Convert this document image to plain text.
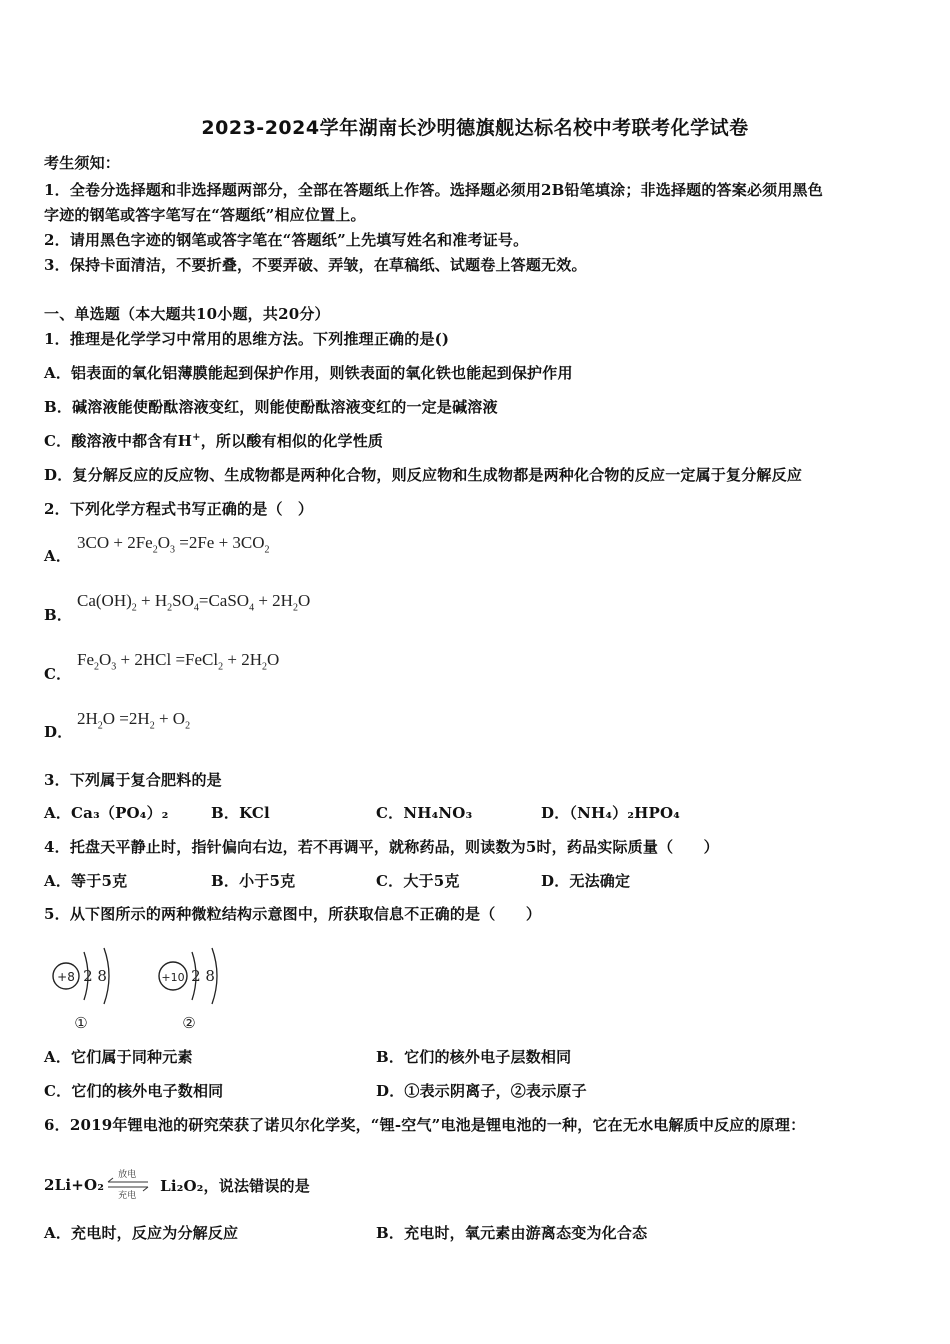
2023-2024学年湖南长沙明德旗舰达标名校中考联考化学试卷
考生须知：
1．全卷分选择题和非选择题两部分，全部在答题纸上作答。选择题必须用2B铅笔填涂；非选择题的答案必须用黑色
字迹的钢笔或答字笔写在“答题纸”相应位置上。
2．请用黑色字迹的钢笔或答字笔在“答题纸”上先填写姓名和准考证号。
3．保持卡面清洁，不要折叠，不要弄破、弄皱，在草稿纸、试题卷上答题无效。
一、单选题（本大题共10小题，共20分）
1．推理是化学学习中常用的思维方法。下列推理正确的是()
A．铝表面的氧化铝薄膜能起到保护作用，则铁表面的氧化铁也能起到保护作用
B．碱溶液能使酚酞溶液变红，则能使酚酞溶液变红的一定是碱溶液
C．酸溶液中都含有H+，所以酸有相似的化学性质
D．复分解反应的反应物、生成物都是两种化合物，则反应物和生成物都是两种化合物的反应一定属于复分解反应
2．下列化学方程式书写正确的是（　）
A．
$3CO + 2Fe_2O_3 =2Fe + 3CO_2$
B．
$Ca(OH)_2$ + $H_2SO_4=CaSO_4 + 2H_2O$
C．
$Fe_2O_3 + 2HCl$ =FeCl$_2$ + $2H_2O$
D．
$2H_2O =2H_2 + O_2$
3．下列属于复合肥料的是
A．Ca₃（PO₄）₂	B．KCl	C．NH₄NO₃	D．（NH₄）₂HPO₄
4．托盘天平静止时，指针偏向右边，若不再调平，就称药品，则读数为5时，药品实际质量（　　）
A．等于5克	B．小于5克	C．大于5克	D．无法确定
5．从下图所示的两种微粒结构示意图中，所获取信息不正确的是（　　）
+8 2 8
①
+10 2 8
②
A．它们属于同种元素	B．它们的核外电子层数相同
C．它们的核外电子数相同	D．①表示阴离子，②表示原子
6．2019年锂电池的研究荣获了诺贝尔化学奖，“锂-空气”电池是锂电池的一种，它在无水电解质中反应的原理：
2Li+O₂
放电
充电
Li₂O₂，说法错误的是
A．充电时，反应为分解反应	B．充电时，氧元素由游离态变为化合态
